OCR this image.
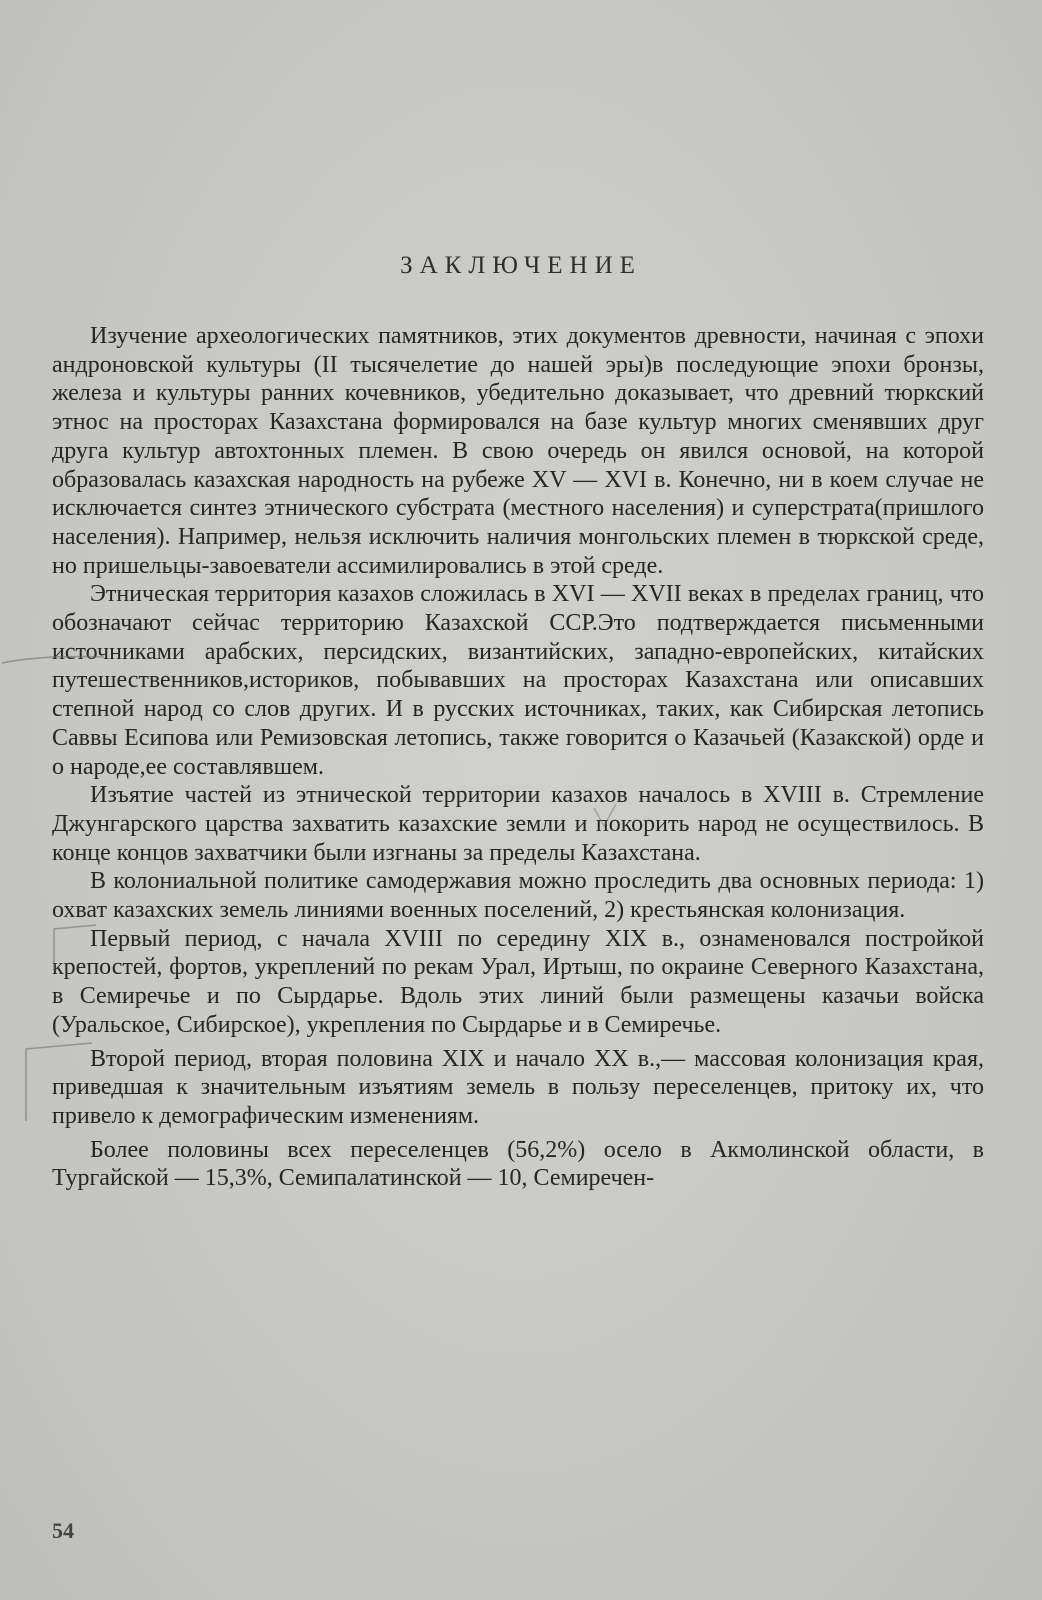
ЗАКЛЮЧЕНИЕ

Изучение археологических памятников, этих документов древности, начиная с эпохи андроновской культуры (II тысячелетие до нашей эры)в последующие эпохи бронзы, железа и культуры ранних кочевников, убедительно доказывает, что древний тюркский этнос на просторах Казахстана формировался на базе культур многих сменявших друг друга культур автохтонных племен. В свою очередь он явился основой, на которой образовалась казахская народность на рубеже XV — XVI в. Конечно, ни в коем случае не исключается синтез этнического субстрата (местного населения) и суперстрата(пришлого населения). Например, нельзя исключить наличия монгольских племен в тюркской среде, но пришельцы-завоеватели ассимилировались в этой среде.

Этническая территория казахов сложилась в XVI — XVII веках в пределах границ, что обозначают сейчас территорию Казахской ССР.Это подтверждается письменными источниками арабских, персидских, византийских, западно-европейских, китайских путешественников,историков, побывавших на просторах Казахстана или описавших степной народ со слов других. И в русских источниках, таких, как Сибирская летопись Саввы Есипова или Ремизовская летопись, также говорится о Казачьей (Казакской) орде и о народе,ее составлявшем.

Изъятие частей из этнической территории казахов началось в XVIII в. Стремление Джунгарского царства захватить казахские земли и покорить народ не осуществилось. В конце концов захватчики были изгнаны за пределы Казахстана.

В колониальной политике самодержавия можно проследить два основных периода: 1) охват казахских земель линиями военных поселений, 2) крестьянская колонизация.

Первый период, с начала XVIII по середину XIX в., ознаменовался постройкой крепостей, фортов, укреплений по рекам Урал, Иртыш, по окраине Северного Казахстана, в Семиречье и по Сырдарье. Вдоль этих линий были размещены казачьи войска (Уральское, Сибирское), укрепления по Сырдарье и в Семиречье.

Второй период, вторая половина XIX и начало XX в.,— массовая колонизация края, приведшая к значительным изъятиям земель в пользу переселенцев, притоку их, что привело к демографическим изменениям.

Более половины всех переселенцев (56,2%) осело в Акмолинской области, в Тургайской — 15,3%, Семипалатинской — 10, Семиречен-

54
